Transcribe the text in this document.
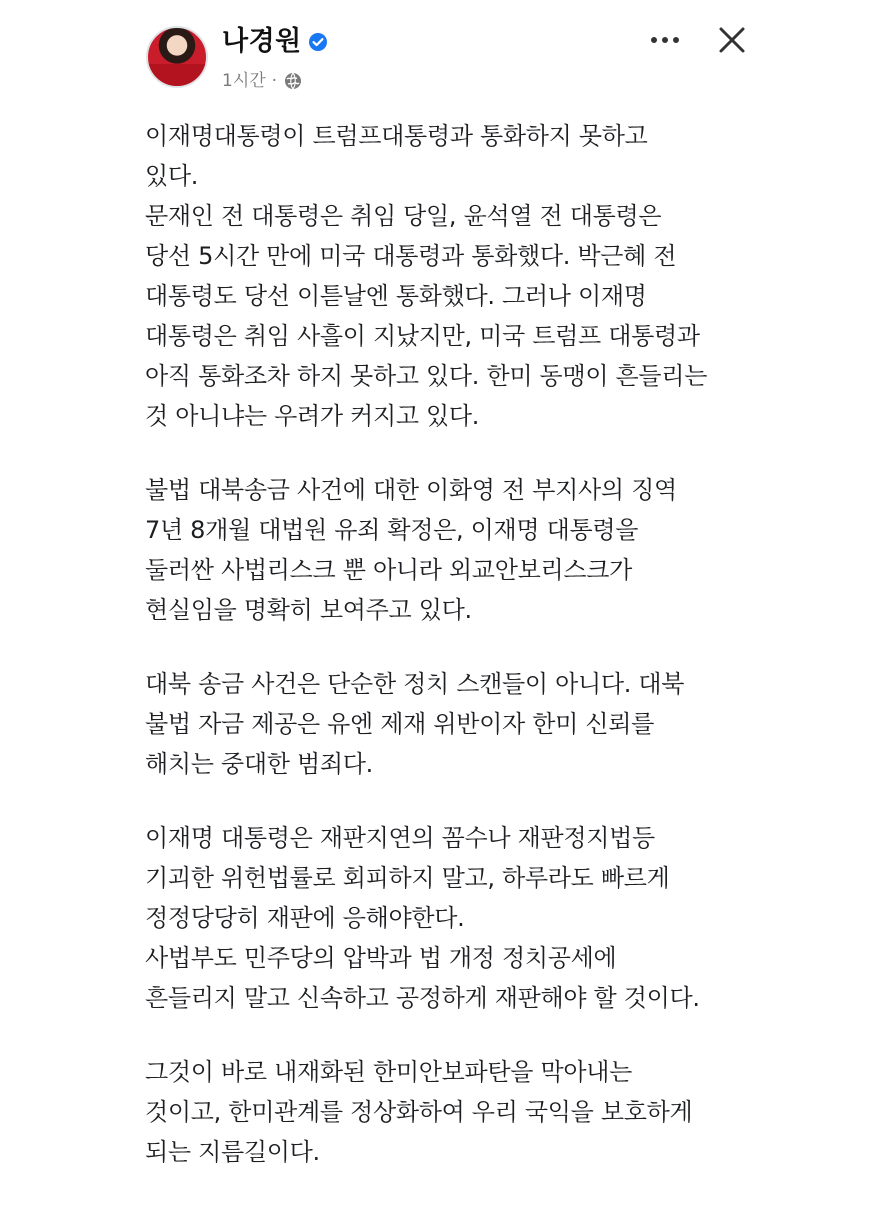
나경원
1시간 ·

이재명대통령이 트럼프대통령과 통화하지 못하고
있다.
문재인 전 대통령은 취임 당일, 윤석열 전 대통령은
당선 5시간 만에 미국 대통령과 통화했다. 박근혜 전
대통령도 당선 이튿날엔 통화했다. 그러나 이재명
대통령은 취임 사흘이 지났지만, 미국 트럼프 대통령과
아직 통화조차 하지 못하고 있다. 한미 동맹이 흔들리는
것 아니냐는 우려가 커지고 있다.

불법 대북송금 사건에 대한 이화영 전 부지사의 징역
7년 8개월 대법원 유죄 확정은, 이재명 대통령을
둘러싼 사법리스크 뿐 아니라 외교안보리스크가
현실임을 명확히 보여주고 있다.

대북 송금 사건은 단순한 정치 스캔들이 아니다. 대북
불법 자금 제공은 유엔 제재 위반이자 한미 신뢰를
해치는 중대한 범죄다.

이재명 대통령은 재판지연의 꼼수나 재판정지법등
기괴한 위헌법률로 회피하지 말고, 하루라도 빠르게
정정당당히 재판에 응해야한다.
사법부도 민주당의 압박과 법 개정 정치공세에
흔들리지 말고 신속하고 공정하게 재판해야 할 것이다.

그것이 바로 내재화된 한미안보파탄을 막아내는
것이고, 한미관계를 정상화하여 우리 국익을 보호하게
되는 지름길이다.
